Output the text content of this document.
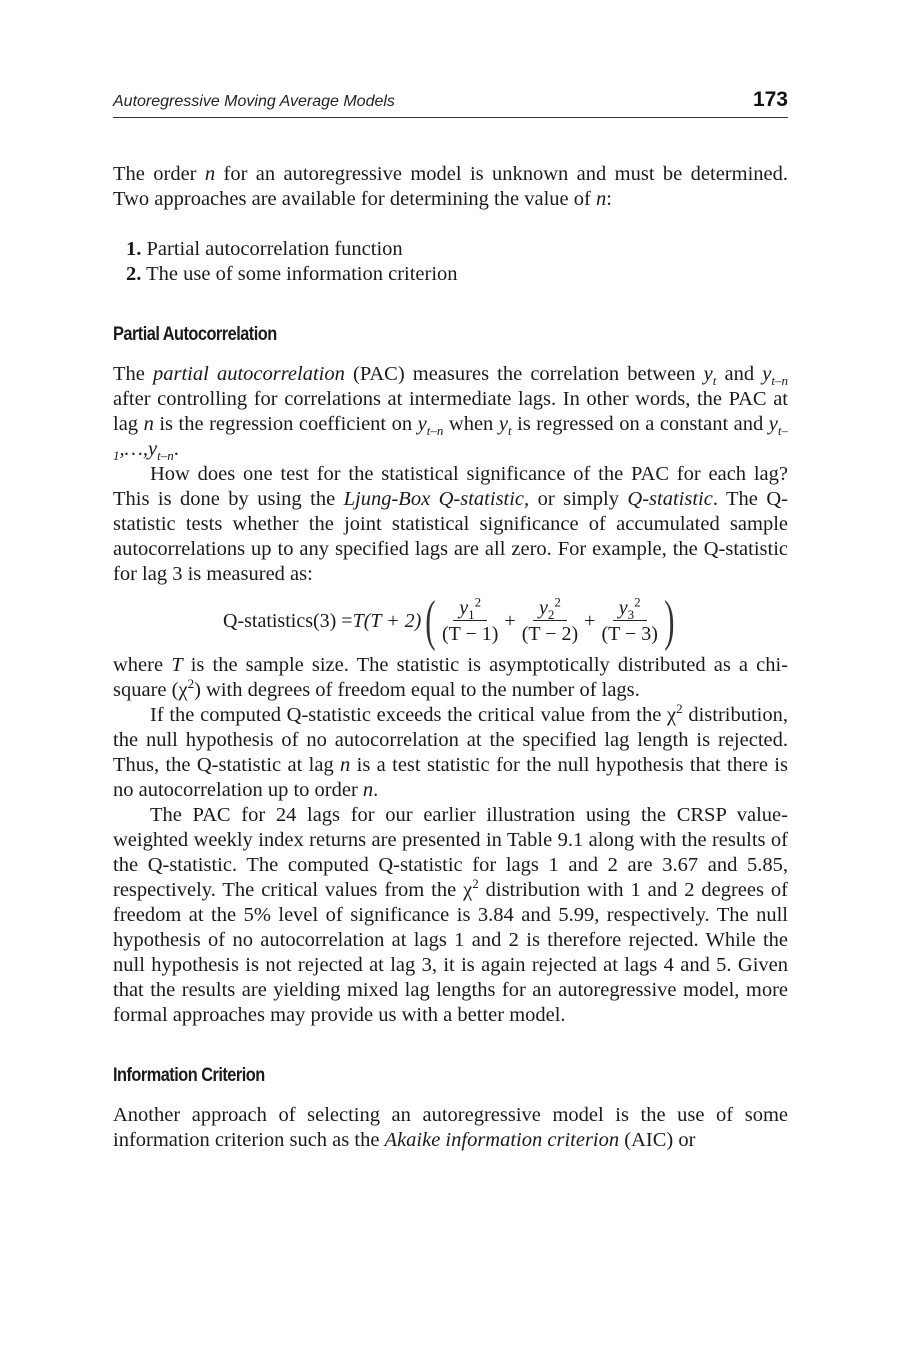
Autoregressive Moving Average Models	173

The order n for an autoregressive model is unknown and must be determined. Two approaches are available for determining the value of n:

1. Partial autocorrelation function
2. The use of some information criterion
Partial Autocorrelation

The partial autocorrelation (PAC) measures the correlation between $y_t$ and $y_{t-n}$ after controlling for correlations at intermediate lags. In other words, the PAC at lag n is the regression coefficient on $y_{t-n}$ when $y_t$ is regressed on a constant and $y_{t-1},\dots,y_{t-n}$.

How does one test for the statistical significance of the PAC for each lag? This is done by using the Ljung-Box Q-statistic, or simply Q-statistic. The Q-statistic tests whether the joint statistical significance of accumulated sample autocorrelations up to any specified lags are all zero. For example, the Q-statistic for lag 3 is measured as:

Q-statistics(3) = T(T + 2) ( $\frac{y_1^2}{(T - 1)} + \frac{y_2^2}{(T - 2)} + \frac{y_3^2}{(T - 3)}$ )

where T is the sample size. The statistic is asymptotically distributed as a chi-square $(\chi^2)$ with degrees of freedom equal to the number of lags.

If the computed Q-statistic exceeds the critical value from the $\chi^2$ distribution, the null hypothesis of no autocorrelation at the specified lag length is rejected. Thus, the Q-statistic at lag n is a test statistic for the null hypothesis that there is no autocorrelation up to order n.

The PAC for 24 lags for our earlier illustration using the CRSP value-weighted weekly index returns are presented in Table 9.1 along with the results of the Q-statistic. The computed Q-statistic for lags 1 and 2 are 3.67 and 5.85, respectively. The critical values from the $\chi^2$ distribution with 1 and 2 degrees of freedom at the 5% level of significance is 3.84 and 5.99, respectively. The null hypothesis of no autocorrelation at lags 1 and 2 is therefore rejected. While the null hypothesis is not rejected at lag 3, it is again rejected at lags 4 and 5. Given that the results are yielding mixed lag lengths for an autoregressive model, more formal approaches may provide us with a better model.

Information Criterion

Another approach of selecting an autoregressive model is the use of some information criterion such as the Akaike information criterion (AIC) or
